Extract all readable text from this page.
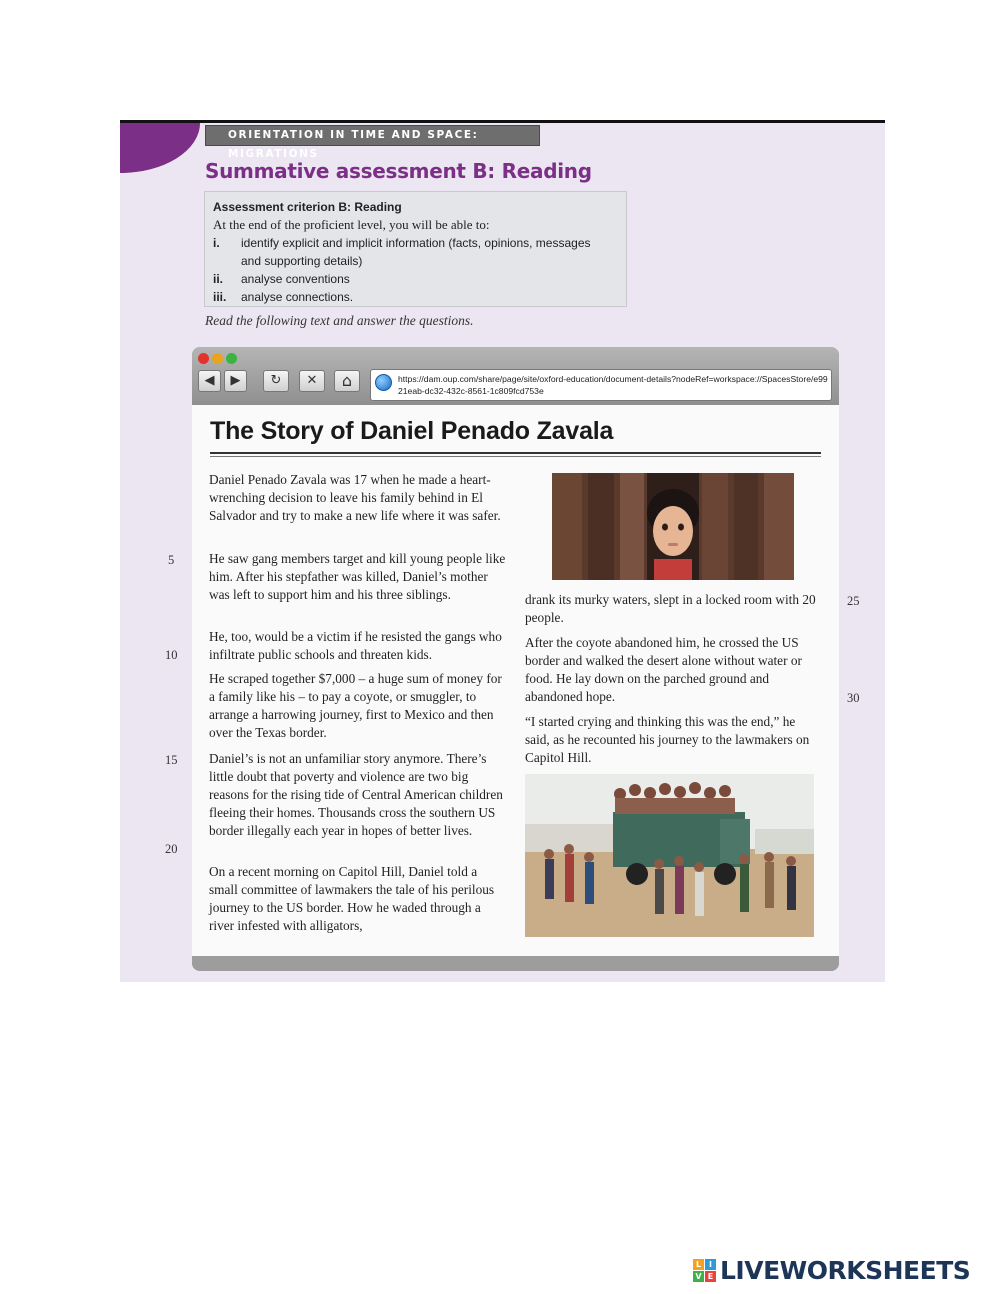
ORIENTATION IN TIME AND SPACE: MIGRATIONS
Summative assessment B: Reading
Assessment criterion B: Reading
At the end of the proficient level, you will be able to:
i.	identify explicit and implicit information (facts, opinions, messages
and supporting details)
ii.	analyse conventions
iii.	analyse connections.
Read the following text and answer the questions.
5
10
15
20
25
30
◀	▶	↻	✕	⌂	https://dam.oup.com/share/page/site/oxford-education/document-details?nodeRef=workspace://SpacesStore/e9921eab-dc32-432c-8561-1c809fcd753e
The Story of Daniel Penado Zavala
Daniel Penado Zavala was 17 when he made a heart-wrenching decision to leave his family behind in El Salvador and try to make a new life where it was safer.
He saw gang members target and kill young people like him. After his stepfather was killed, Daniel’s mother was left to support him and his three siblings.
He, too, would be a victim if he resisted the gangs who infiltrate public schools and threaten kids.
He scraped together $7,000 – a huge sum of money for a family like his – to pay a coyote, or smuggler, to arrange a harrowing journey, first to Mexico and then over the Texas border.
Daniel’s is not an unfamiliar story anymore. There’s little doubt that poverty and violence are two big reasons for the rising tide of Central American children fleeing their homes. Thousands cross the southern US border illegally each year in hopes of better lives.
On a recent morning on Capitol Hill, Daniel told a small committee of lawmakers the tale of his perilous journey to the US border. How he waded through a river infested with alligators,
drank its murky waters, slept in a locked room with 20 people.
After the coyote abandoned him, he crossed the US border and walked the desert alone without water or food. He lay down on the parched ground and abandoned hope.
“I started crying and thinking this was the end,” he said, as he recounted his journey to the lawmakers on Capitol Hill.
L I
V E LIVEWORKSHEETS
